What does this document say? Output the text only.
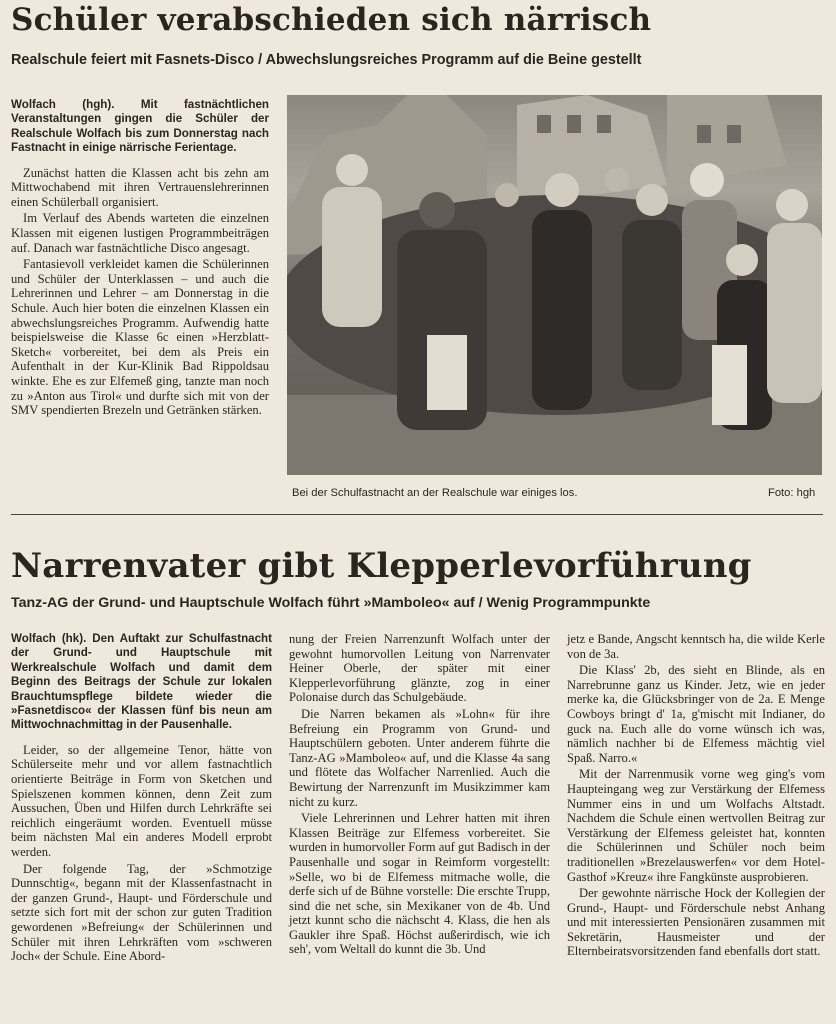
Schüler verabschieden sich närrisch
Realschule feiert mit Fasnets-Disco / Abwechslungsreiches Programm auf die Beine gestellt

Wolfach (hgh). Mit fastnächtlichen Veranstaltungen gingen die Schüler der Realschule Wolfach bis zum Donnerstag nach Fastnacht in einige närrische Ferientage.

Zunächst hatten die Klassen acht bis zehn am Mittwochabend mit ihren Vertrauenslehrerinnen einen Schülerball organisiert.

Im Verlauf des Abends warteten die einzelnen Klassen mit eigenen lustigen Programmbeiträgen auf. Danach war fastnächtliche Disco angesagt.

Fantasievoll verkleidet kamen die Schülerinnen und Schüler der Unterklassen – und auch die Lehrerinnen und Lehrer – am Donnerstag in die Schule. Auch hier boten die einzelnen Klassen ein abwechslungsreiches Programm. Aufwendig hatte beispielsweise die Klasse 6c einen »Herzblatt-Sketch« vorbereitet, bei dem als Preis ein Aufenthalt in der Kur-Klinik Bad Rippoldsau winkte. Ehe es zur Elfemeß ging, tanzte man noch zu »Anton aus Tirol« und durfte sich mit von der SMV spendierten Brezeln und Getränken stärken.

Bei der Schulfastnacht an der Realschule war einiges los.	Foto: hgh
Narrenvater gibt Klepperlevorführung
Tanz-AG der Grund- und Hauptschule Wolfach führt »Mamboleo« auf / Wenig Programmpunkte

Wolfach (hk). Den Auftakt zur Schulfastnacht der Grund- und Hauptschule mit Werkrealschule Wolfach und damit dem Beginn des Beitrags der Schule zur lokalen Brauchtumspflege bildete wieder die »Fasnetdisco« der Klassen fünf bis neun am Mittwochnachmittag in der Pausenhalle.

Leider, so der allgemeine Tenor, hätte von Schülerseite mehr und vor allem fastnachtlich orientierte Beiträge in Form von Sketchen und Spielszenen kommen können, denn Zeit zum Aussuchen, Üben und Hilfen durch Lehrkräfte sei reichlich eingeräumt worden. Eventuell müsse beim nächsten Mal ein anderes Modell erprobt werden.

Der folgende Tag, der »Schmotzige Dunnschtig«, begann mit der Klassenfastnacht in der ganzen Grund-, Haupt- und Förderschule und setzte sich fort mit der schon zur guten Tradition gewordenen »Befreiung« der Schülerinnen und Schüler mit ihren Lehrkräften vom »schweren Joch« der Schule. Eine Abord-

nung der Freien Narrenzunft Wolfach unter der gewohnt humorvollen Leitung von Narrenvater Heiner Oberle, der später mit einer Klepperlevorführung glänzte, zog in einer Polonaise durch das Schulgebäude.

Die Narren bekamen als »Lohn« für ihre Befreiung ein Programm von Grund- und Hauptschülern geboten. Unter anderem führte die Tanz-AG »Mamboleo« auf, und die Klasse 4a sang und flötete das Wolfacher Narrenlied. Auch die Bewirtung der Narrenzunft im Musikzimmer kam nicht zu kurz.

Viele Lehrerinnen und Lehrer hatten mit ihren Klassen Beiträge zur Elfemess vorbereitet. Sie wurden in humorvoller Form auf gut Badisch in der Pausenhalle und sogar in Reimform vorgestellt: »Selle, wo bi de Elfemess mitmache wolle, die derfe sich uf de Bühne vorstelle: Die erschte Trupp, sind die net sche, sin Mexikaner von de 4b. Und jetzt kunnt scho die nächscht 4. Klass, die hen als Gaukler ihre Spaß. Höchst außerirdisch, wie ich seh', vom Weltall do kunnt die 3b. Und

jetz e Bande, Angscht kenntsch ha, die wilde Kerle von de 3a.

Die Klass' 2b, des sieht en Blinde, als en Narrebrunne ganz us Kinder. Jetz, wie en jeder merke ka, die Glücksbringer von de 2a. E Menge Cowboys bringt d' 1a, g'mischt mit Indianer, do guck na. Euch alle do vorne wünsch ich was, nämlich nachher bi de Elfemess mächtig viel Spaß. Narro.«

Mit der Narrenmusik vorne weg ging's vom Haupteingang weg zur Verstärkung der Elfemess Nummer eins in und um Wolfachs Altstadt. Nachdem die Schule einen wertvollen Beitrag zur Verstärkung der Elfemess geleistet hat, konnten die Schülerinnen und Schüler noch beim traditionellen »Brezelauswerfen« vor dem Hotel-Gasthof »Kreuz« ihre Fangkünste ausprobieren.

Der gewohnte närrische Hock der Kollegien der Grund-, Haupt- und Förderschule nebst Anhang und mit interessierten Pensionären zusammen mit Sekretärin, Hausmeister und der Elternbeiratsvorsitzenden fand ebenfalls dort statt.
